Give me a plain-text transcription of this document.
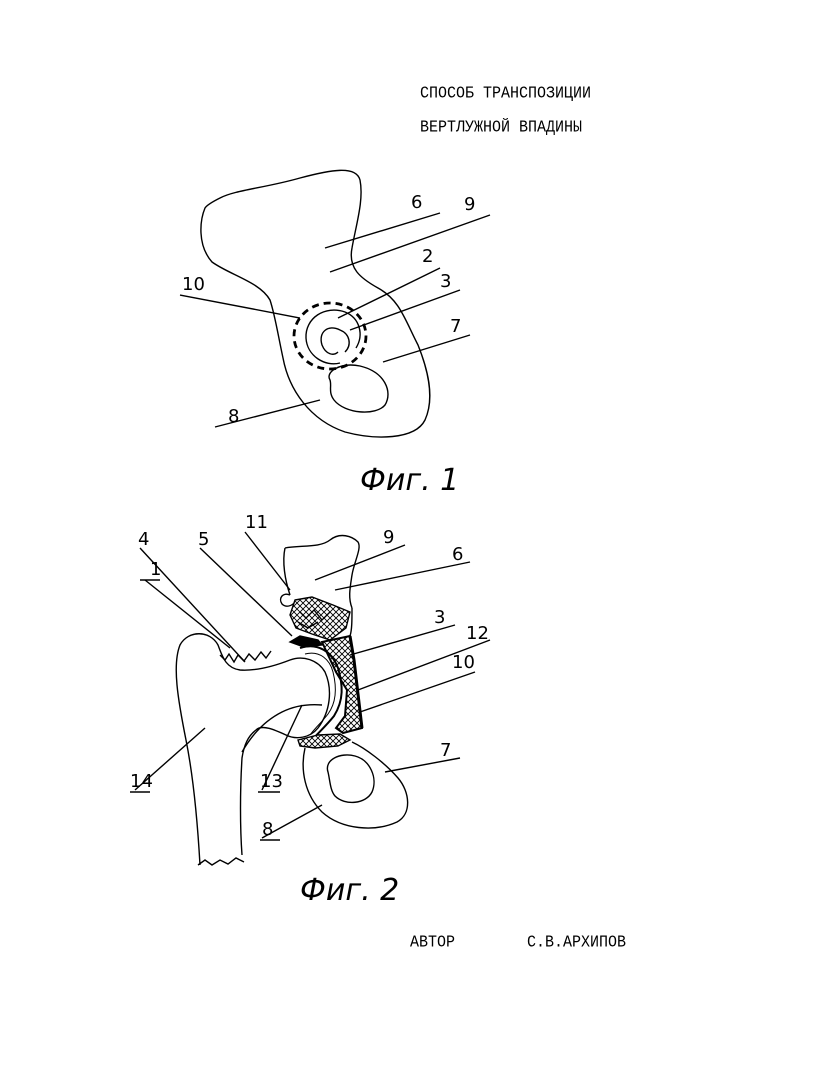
СПОСОБ ТРАНСПОЗИЦИИ
ВЕРТЛУЖНОЙ ВПАДИНЫ
6 9
2
3
10
7
8
Фиг. 1
4	5
11
9
6
1
3
12
10
7
14	13
8
Фиг. 2
АВТОР	С.В.АРХИПОВ
